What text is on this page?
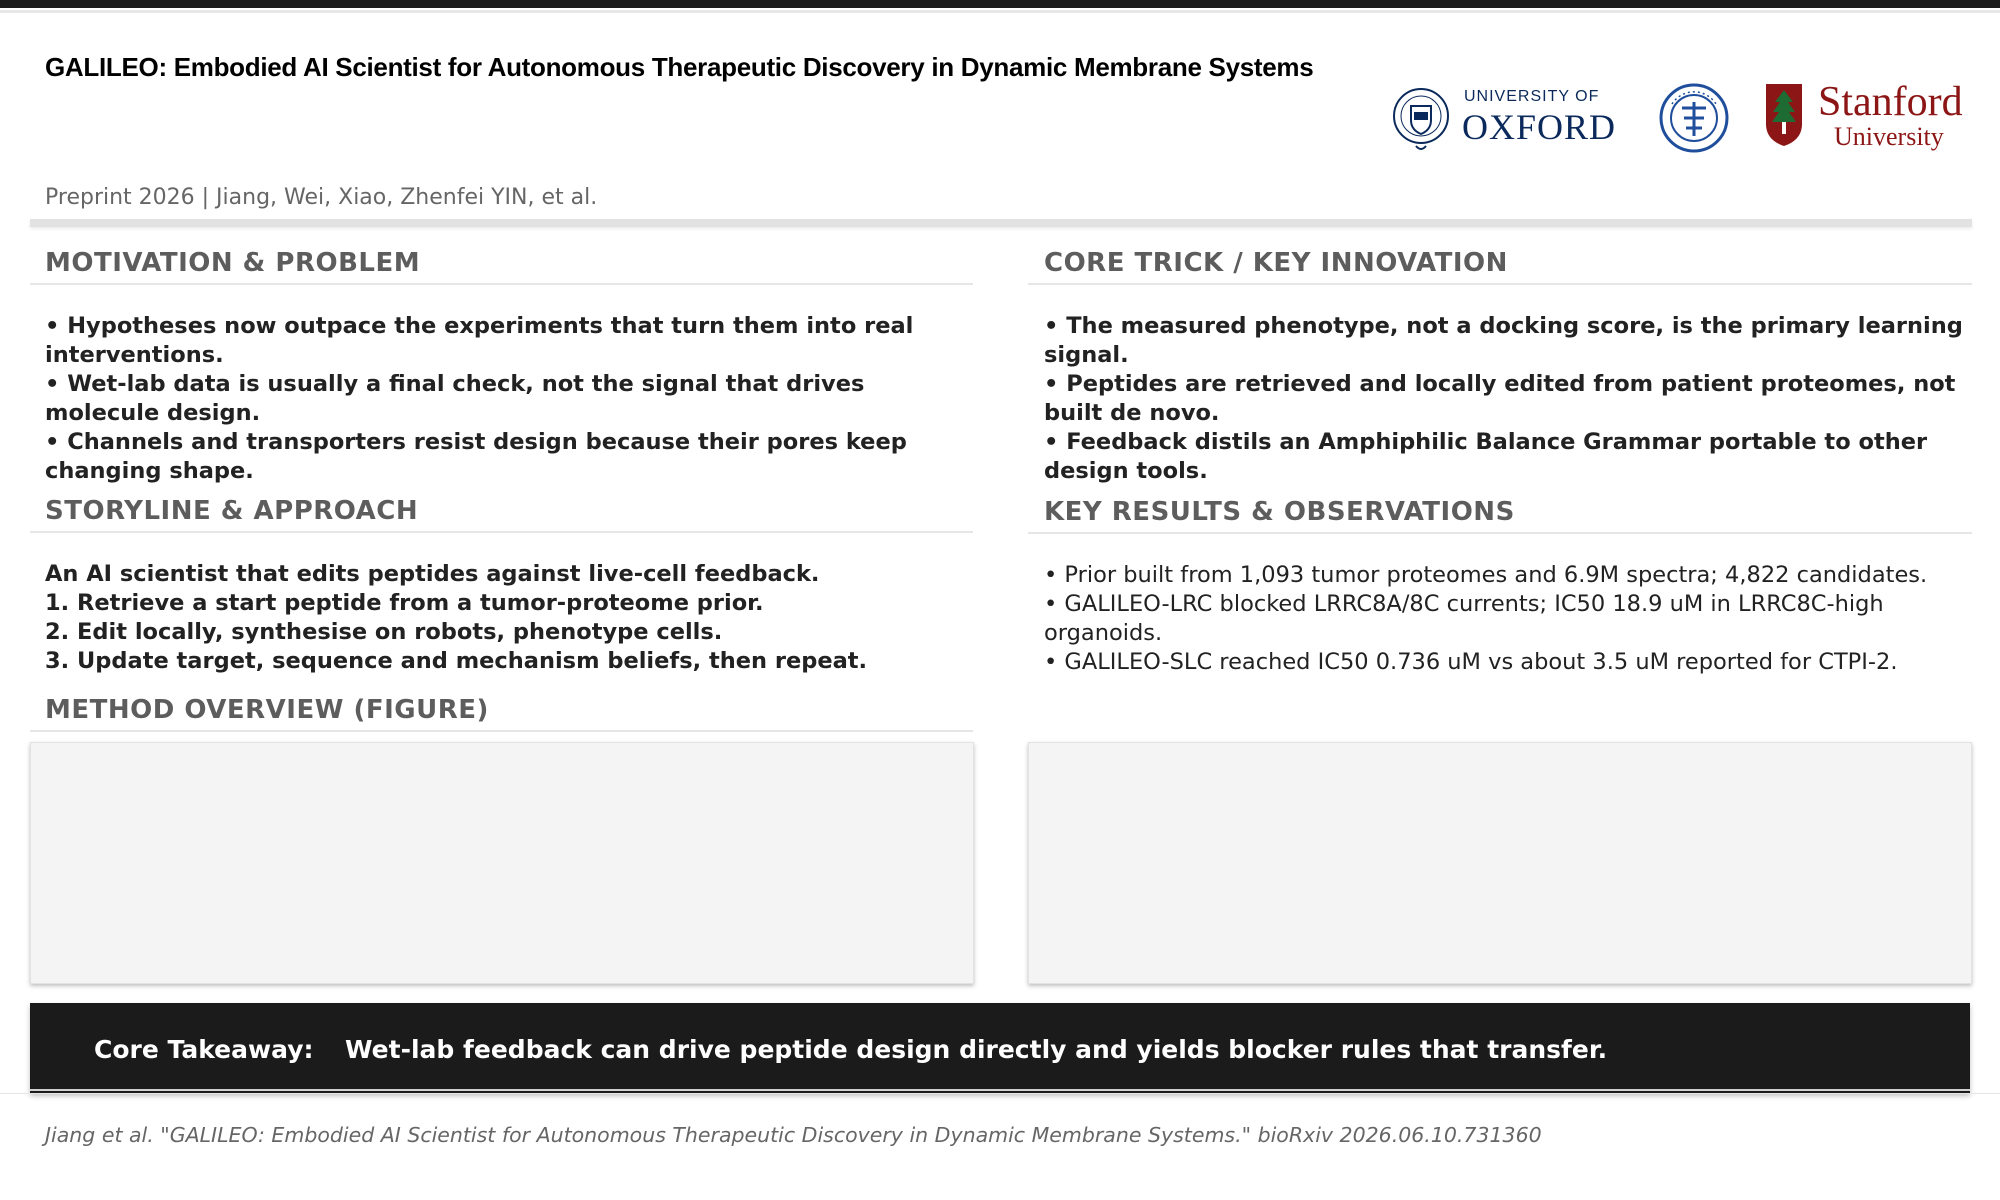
GALILEO: Embodied AI Scientist for Autonomous Therapeutic Discovery in Dynamic Membrane Systems
UNIVERSITY OF
OXFORD
Stanford
University
Preprint 2026 | Jiang, Wei, Xiao, Zhenfei YIN, et al.
MOTIVATION & PROBLEM

• Hypotheses now outpace the experiments that turn them into real interventions.

• Wet-lab data is usually a final check, not the signal that drives molecule design.

• Channels and transporters resist design because their pores keep changing shape.

STORYLINE & APPROACH

An AI scientist that edits peptides against live-cell feedback.

1. Retrieve a start peptide from a tumor-proteome prior.

2. Edit locally, synthesise on robots, phenotype cells.

3. Update target, sequence and mechanism beliefs, then repeat.

METHOD OVERVIEW (FIGURE)
CORE TRICK / KEY INNOVATION

• The measured phenotype, not a docking score, is the primary learning signal.

• Peptides are retrieved and locally edited from patient proteomes, not built de novo.

• Feedback distils an Amphiphilic Balance Grammar portable to other design tools.

KEY RESULTS & OBSERVATIONS

• Prior built from 1,093 tumor proteomes and 6.9M spectra; 4,822 candidates.

• GALILEO-LRC blocked LRRC8A/8C currents; IC50 18.9 uM in LRRC8C-high organoids.

• GALILEO-SLC reached IC50 0.736 uM vs about 3.5 uM reported for CTPI-2.

Core Takeaway: Wet-lab feedback can drive peptide design directly and yields blocker rules that transfer.
Jiang et al. "GALILEO: Embodied AI Scientist for Autonomous Therapeutic Discovery in Dynamic Membrane Systems." bioRxiv 2026.06.10.731360
